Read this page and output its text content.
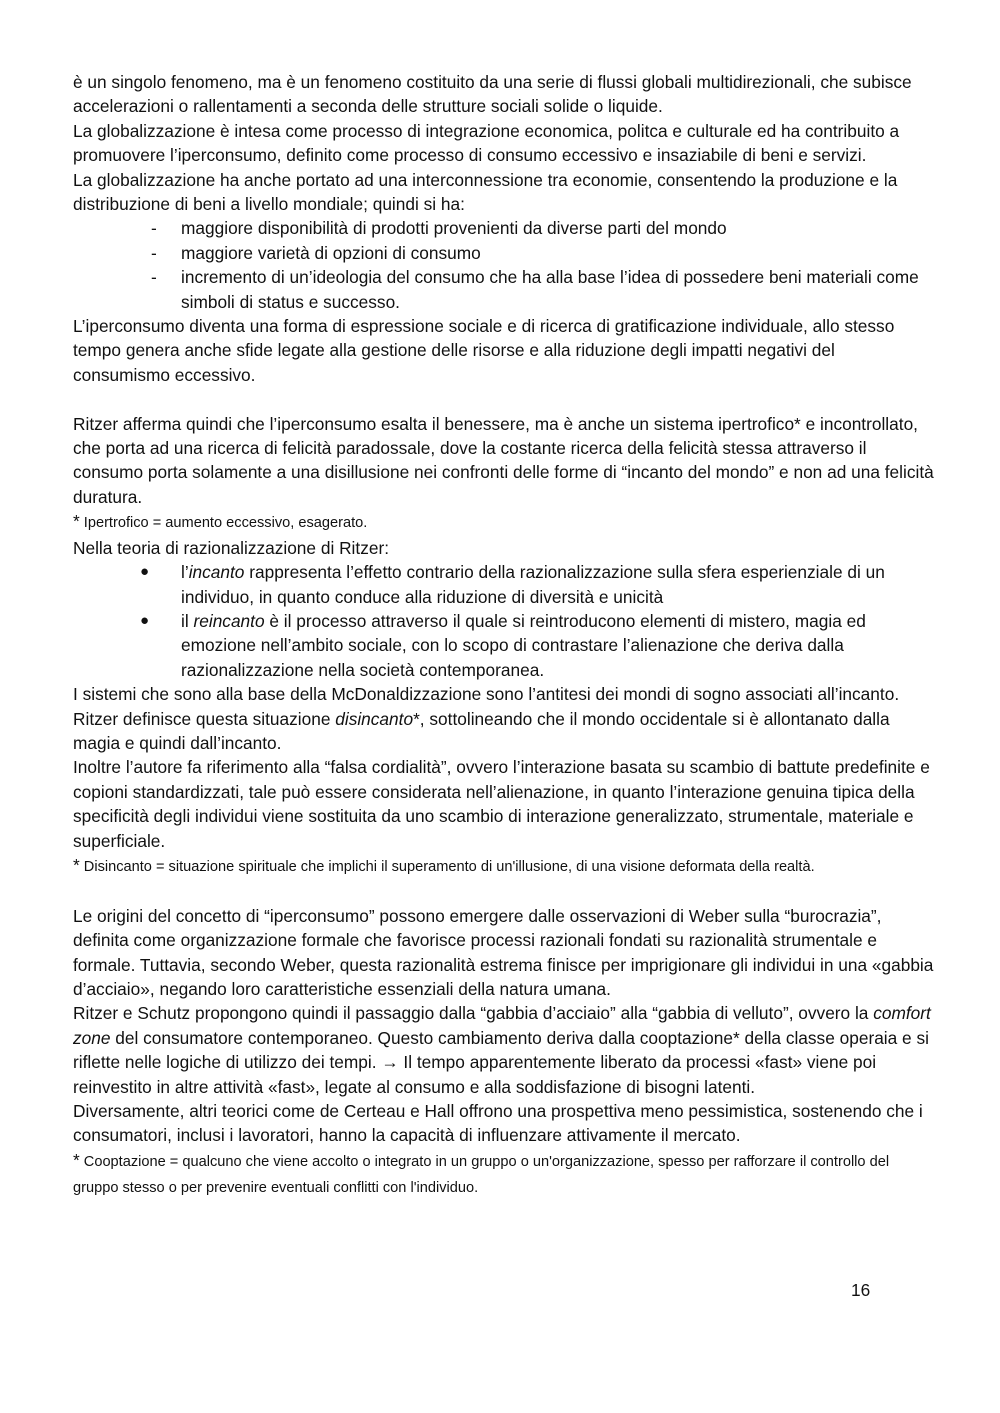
è un singolo fenomeno, ma è un fenomeno costituito da una serie di flussi globali multidirezionali, che subisce accelerazioni o rallentamenti a seconda delle strutture sociali solide o liquide.

La globalizzazione è intesa come processo di integrazione economica, politca e culturale ed ha contribuito a promuovere l’iperconsumo, definito come processo di consumo eccessivo e insaziabile di beni e servizi.

La globalizzazione ha anche portato ad una interconnessione tra economie, consentendo la produzione e la distribuzione di beni a livello mondiale; quindi si ha:

- maggiore disponibilità di prodotti provenienti da diverse parti del mondo
- maggiore varietà di opzioni di consumo
- incremento di un’ideologia del consumo che ha alla base l’idea di possedere beni materiali come simboli di status e successo.

L’iperconsumo diventa una forma di espressione sociale e di ricerca di gratificazione individuale, allo stesso tempo genera anche sfide legate alla gestione delle risorse e alla riduzione degli impatti negativi del consumismo eccessivo.

Ritzer afferma quindi che l’iperconsumo esalta il benessere, ma è anche un sistema ipertrofico* e incontrollato, che porta ad una ricerca di felicità paradossale, dove la costante ricerca della felicità stessa attraverso il consumo porta solamente a una disillusione nei confronti delle forme di “incanto del mondo” e non ad una felicità duratura.

* Ipertrofico = aumento eccessivo, esagerato.

Nella teoria di razionalizzazione di Ritzer:

● l’incanto rappresenta l’effetto contrario della razionalizzazione sulla sfera esperienziale di un individuo, in quanto conduce alla riduzione di diversità e unicità
● il reincanto è il processo attraverso il quale si reintroducono elementi di mistero, magia ed emozione nell’ambito sociale, con lo scopo di contrastare l’alienazione che deriva dalla razionalizzazione nella società contemporanea.

I sistemi che sono alla base della McDonaldizzazione sono l’antitesi dei mondi di sogno associati all’incanto. Ritzer definisce questa situazione disincanto*, sottolineando che il mondo occidentale si è allontanato dalla magia e quindi dall’incanto.

Inoltre l’autore fa riferimento alla “falsa cordialità”, ovvero l’interazione basata su scambio di battute predefinite e copioni standardizzati, tale può essere considerata nell’alienazione, in quanto l’interazione genuina tipica della specificità degli individui viene sostituita da uno scambio di interazione generalizzato, strumentale, materiale e superficiale.

* Disincanto = situazione spirituale che implichi il superamento di un'illusione, di una visione deformata della realtà.

Le origini del concetto di “iperconsumo” possono emergere dalle osservazioni di Weber sulla “burocrazia”, definita come organizzazione formale che favorisce processi razionali fondati su razionalità strumentale e formale. Tuttavia, secondo Weber, questa razionalità estrema finisce per imprigionare gli individui in una «gabbia d’acciaio», negando loro caratteristiche essenziali della natura umana.

Ritzer e Schutz propongono quindi il passaggio dalla “gabbia d’acciaio” alla “gabbia di velluto”, ovvero la comfort zone del consumatore contemporaneo. Questo cambiamento deriva dalla cooptazione* della classe operaia e si riflette nelle logiche di utilizzo dei tempi. → Il tempo apparentemente liberato da processi «fast» viene poi reinvestito in altre attività «fast», legate al consumo e alla soddisfazione di bisogni latenti.

Diversamente, altri teorici come de Certeau e Hall offrono una prospettiva meno pessimistica, sostenendo che i consumatori, inclusi i lavoratori, hanno la capacità di influenzare attivamente il mercato.

* Cooptazione = qualcuno che viene accolto o integrato in un gruppo o un'organizzazione, spesso per rafforzare il controllo del gruppo stesso o per prevenire eventuali conflitti con l'individuo.

16
